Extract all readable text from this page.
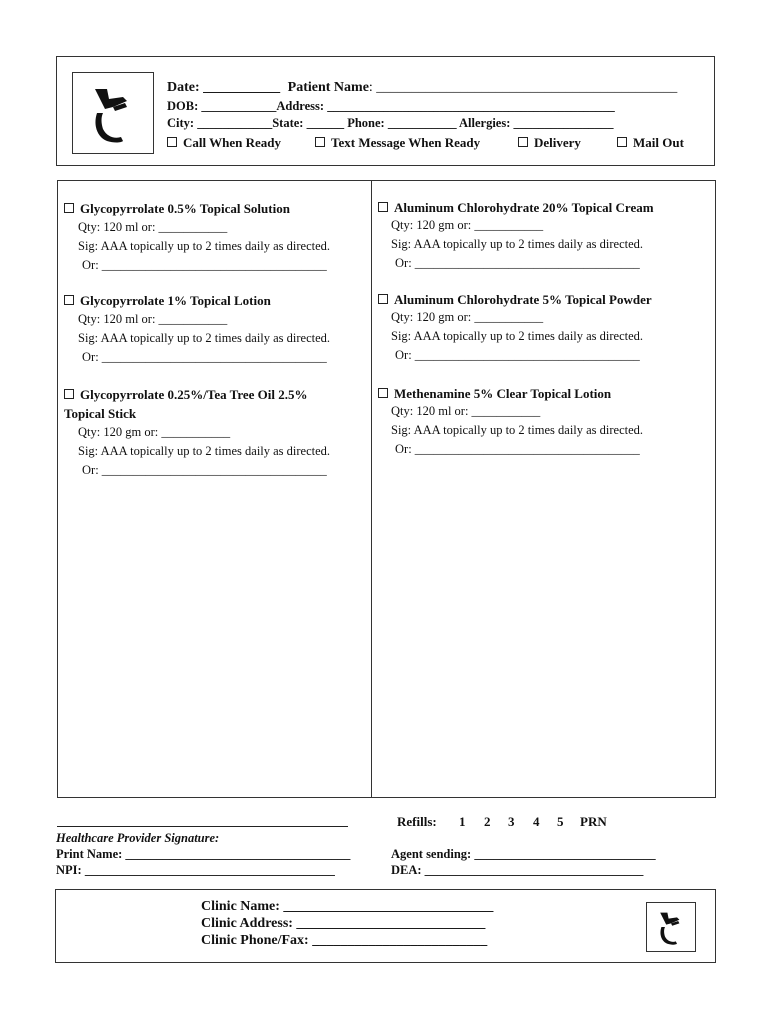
Date: ___________ Patient Name: ___________________________________________
DOB: ____________Address: ______________________________________________
City: ____________State: ______ Phone: ___________ Allergies: ________________
Call When Ready	Text Message When Ready	Delivery	Mail Out
Glycopyrrolate 0.5% Topical Solution
Qty: 120 ml or: ___________
Sig: AAA topically up to 2 times daily as directed.
Or: ____________________________________
Glycopyrrolate 1% Topical Lotion
Qty: 120 ml or: ___________
Sig: AAA topically up to 2 times daily as directed.
Or: ____________________________________
Glycopyrrolate 0.25%/Tea Tree Oil 2.5%
Topical Stick
Qty: 120 gm or: ___________
Sig: AAA topically up to 2 times daily as directed.
Or: ____________________________________
Aluminum Chlorohydrate 20% Topical Cream
Qty: 120 gm or: ___________
Sig: AAA topically up to 2 times daily as directed.
Or: ____________________________________
Aluminum Chlorohydrate 5% Topical Powder
Qty: 120 gm or: ___________
Sig: AAA topically up to 2 times daily as directed.
Or: ____________________________________
Methenamine 5% Clear Topical Lotion
Qty: 120 ml or: ___________
Sig: AAA topically up to 2 times daily as directed.
Or: ____________________________________
Healthcare Provider Signature:
Refills: 1 2 3 4 5 PRN
Print Name: ____________________________________
NPI: ________________________________________
Agent sending: _____________________________
DEA: ___________________________________
Clinic Name: ______________________________
Clinic Address: ___________________________
Clinic Phone/Fax: _________________________
